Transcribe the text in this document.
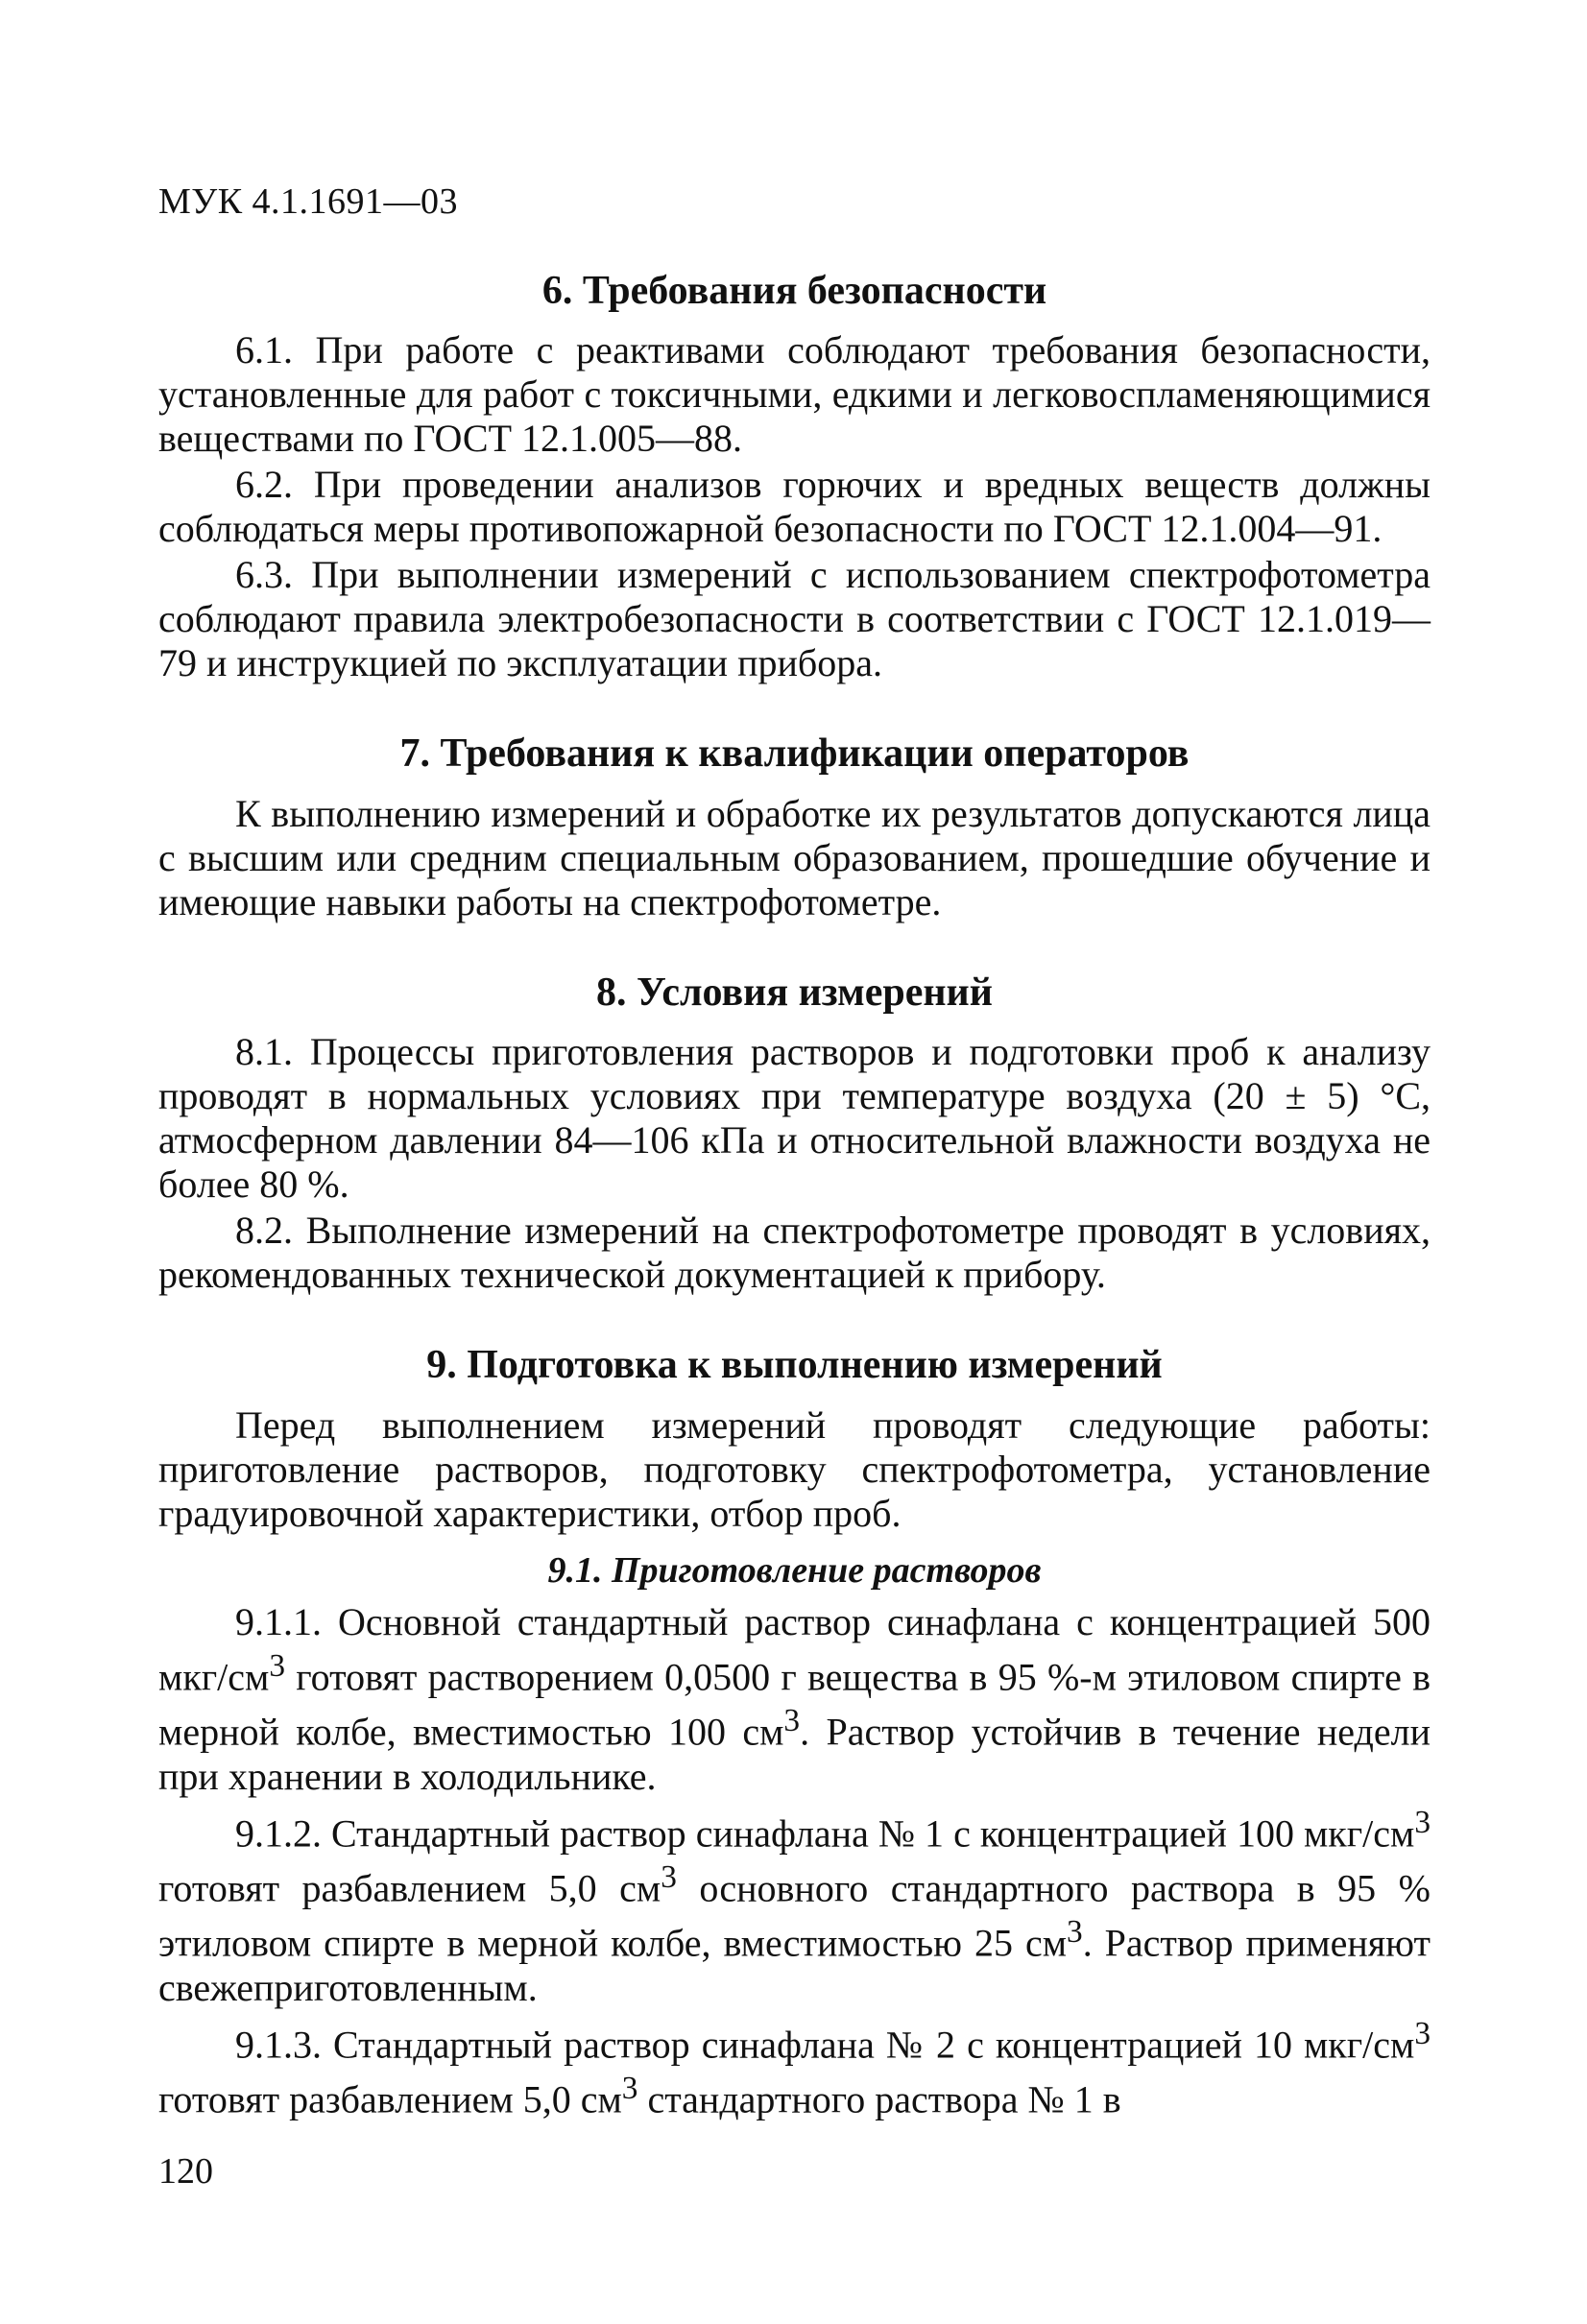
МУК 4.1.1691—03
6. Требования безопасности

6.1. При работе с реактивами соблюдают требования безопасности, установленные для работ с токсичными, едкими и легковоспламеняющимися веществами по ГОСТ 12.1.005—88.

6.2. При проведении анализов горючих и вредных веществ должны соблюдаться меры противопожарной безопасности по ГОСТ 12.1.004—91.

6.3. При выполнении измерений с использованием спектрофотометра соблюдают правила электробезопасности в соответствии с ГОСТ 12.1.019—79 и инструкцией по эксплуатации прибора.

7. Требования к квалификации операторов

К выполнению измерений и обработке их результатов допускаются лица с высшим или средним специальным образованием, прошедшие обучение и имеющие навыки работы на спектрофотометре.

8. Условия измерений

8.1. Процессы приготовления растворов и подготовки проб к анализу проводят в нормальных условиях при температуре воздуха (20 ± 5) °С, атмосферном давлении 84—106 кПа и относительной влажности воздуха не более 80 %.

8.2. Выполнение измерений на спектрофотометре проводят в условиях, рекомендованных технической документацией к прибору.

9. Подготовка к выполнению измерений

Перед выполнением измерений проводят следующие работы: приготовление растворов, подготовку спектрофотометра, установление градуировочной характеристики, отбор проб.

9.1. Приготовление растворов

9.1.1. Основной стандартный раствор синафлана с концентрацией 500 мкг/$см^3$ готовят растворением 0,0500 г вещества в 95 %-м этиловом спирте в мерной колбе, вместимостью 100 $см^3$. Раствор устойчив в течение недели при хранении в холодильнике.

9.1.2. Стандартный раствор синафлана № 1 с концентрацией 100 мкг/$см^3$ готовят разбавлением 5,0 $см^3$ основного стандартного раствора в 95 % этиловом спирте в мерной колбе, вместимостью 25 $см^3$. Раствор применяют свежеприготовленным.

9.1.3. Стандартный раствор синафлана № 2 с концентрацией 10 мкг/$см^3$ готовят разбавлением 5,0 $см^3$ стандартного раствора № 1 в

120
